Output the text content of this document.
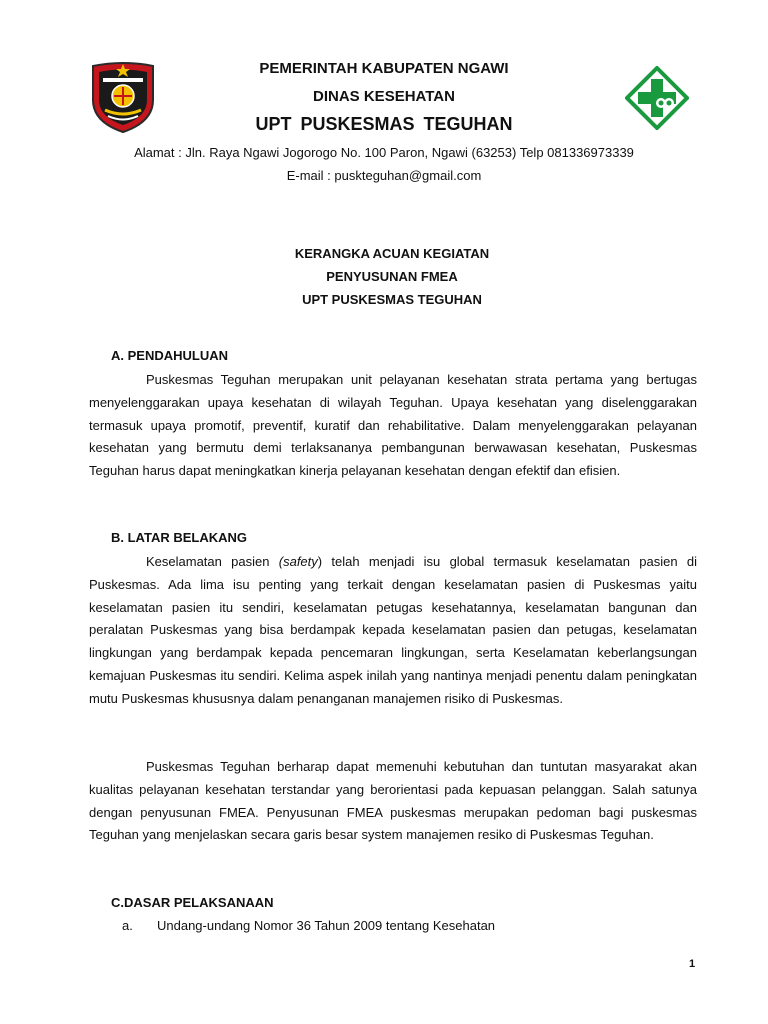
PEMERINTAH KABUPATEN NGAWI
DINAS KESEHATAN
UPT PUSKESMAS TEGUHAN
Alamat : Jln. Raya Ngawi Jogorogo No. 100 Paron, Ngawi (63253) Telp 081336973339
E-mail : puskteguhan@gmail.com
KERANGKA ACUAN KEGIATAN
PENYUSUNAN FMEA
UPT PUSKESMAS TEGUHAN
A. PENDAHULUAN

Puskesmas Teguhan merupakan unit pelayanan kesehatan strata pertama yang bertugas menyelenggarakan upaya kesehatan di wilayah Teguhan. Upaya kesehatan yang diselenggarakan termasuk upaya promotif, preventif, kuratif dan rehabilitative. Dalam menyelenggarakan pelayanan kesehatan yang bermutu demi terlaksananya pembangunan berwawasan kesehatan, Puskesmas Teguhan harus dapat meningkatkan kinerja pelayanan kesehatan dengan efektif dan efisien.

B. LATAR BELAKANG

Keselamatan pasien (safety) telah menjadi isu global termasuk keselamatan pasien di Puskesmas. Ada lima isu penting yang terkait dengan keselamatan pasien di Puskesmas yaitu keselamatan pasien itu sendiri, keselamatan petugas kesehatannya, keselamatan bangunan dan peralatan Puskesmas yang bisa berdampak kepada keselamatan pasien dan petugas, keselamatan lingkungan yang berdampak kepada pencemaran lingkungan, serta Keselamatan keberlangsungan kemajuan Puskesmas itu sendiri. Kelima aspek inilah yang nantinya menjadi penentu dalam peningkatan mutu Puskesmas khususnya dalam penanganan manajemen risiko di Puskesmas.

Puskesmas Teguhan berharap dapat memenuhi kebutuhan dan tuntutan masyarakat akan kualitas pelayanan kesehatan terstandar yang berorientasi pada kepuasan pelanggan. Salah satunya dengan penyusunan FMEA. Penyusunan FMEA puskesmas merupakan pedoman bagi puskesmas Teguhan yang menjelaskan secara garis besar system manajemen resiko di Puskesmas Teguhan.

C.DASAR PELAKSANAAN
a. Undang-undang Nomor 36 Tahun 2009 tentang Kesehatan
1
